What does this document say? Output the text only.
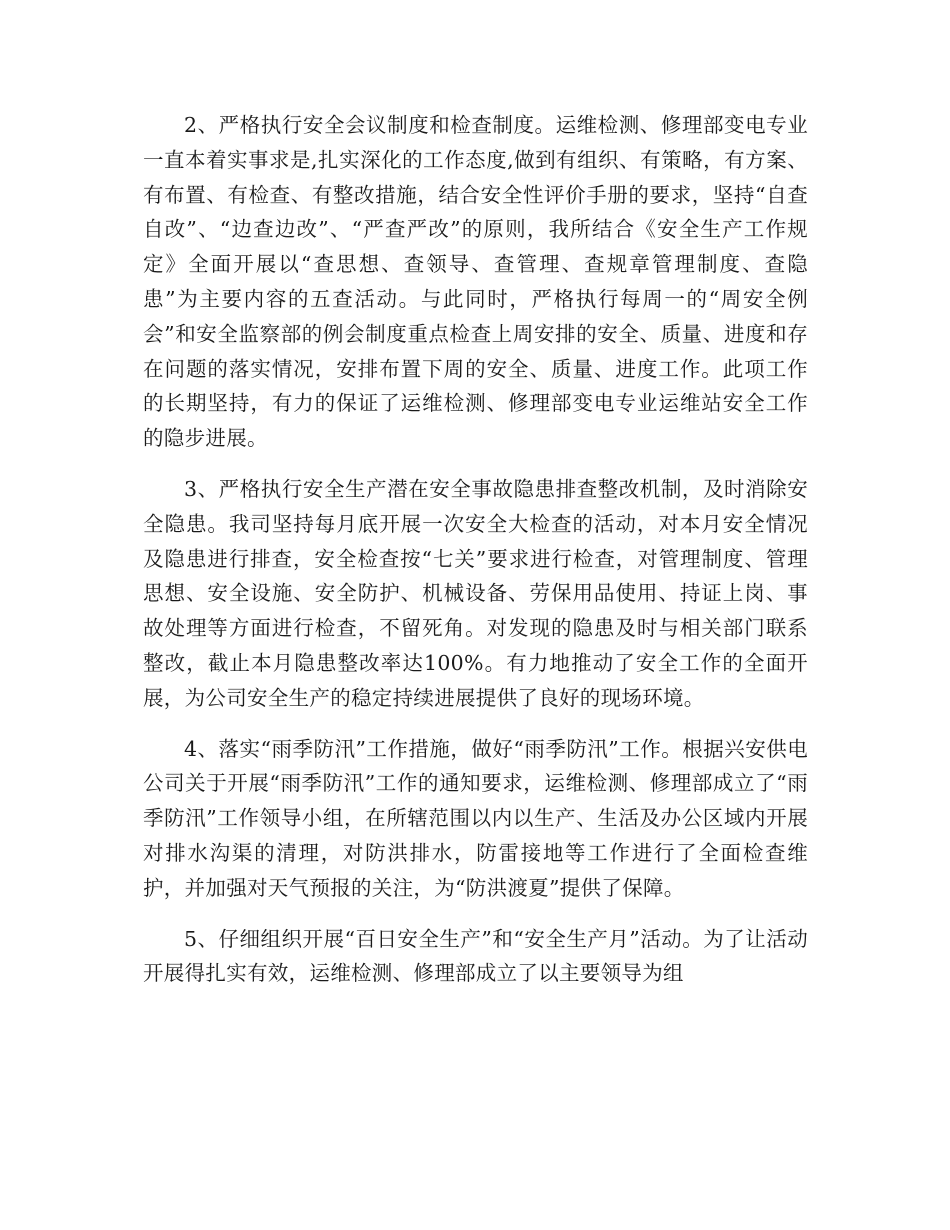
2、严格执行安全会议制度和检查制度。运维检测、修理部变电专业一直本着实事求是,扎实深化的工作态度,做到有组织、有策略，有方案、有布置、有检查、有整改措施，结合安全性评价手册的要求，坚持“自查自改”、“边查边改”、“严查严改”的原则，我所结合《安全生产工作规定》全面开展以“查思想、查领导、查管理、查规章管理制度、查隐患”为主要内容的五查活动。与此同时，严格执行每周一的“周安全例会”和安全监察部的例会制度重点检查上周安排的安全、质量、进度和存在问题的落实情况，安排布置下周的安全、质量、进度工作。此项工作的长期坚持，有力的保证了运维检测、修理部变电专业运维站安全工作的隐步进展。

3、严格执行安全生产潜在安全事故隐患排查整改机制，及时消除安全隐患。我司坚持每月底开展一次安全大检查的活动，对本月安全情况及隐患进行排查，安全检查按“七关”要求进行检查，对管理制度、管理思想、安全设施、安全防护、机械设备、劳保用品使用、持证上岗、事故处理等方面进行检查，不留死角。对发现的隐患及时与相关部门联系整改，截止本月隐患整改率达100%。有力地推动了安全工作的全面开展，为公司安全生产的稳定持续进展提供了良好的现场环境。

4、落实“雨季防汛”工作措施，做好“雨季防汛”工作。根据兴安供电公司关于开展“雨季防汛”工作的通知要求，运维检测、修理部成立了“雨季防汛”工作领导小组，在所辖范围以内以生产、生活及办公区域内开展对排水沟渠的清理，对防洪排水，防雷接地等工作进行了全面检查维护，并加强对天气预报的关注，为“防洪渡夏”提供了保障。

5、仔细组织开展“百日安全生产”和“安全生产月”活动。为了让活动开展得扎实有效，运维检测、修理部成立了以主要领导为组
